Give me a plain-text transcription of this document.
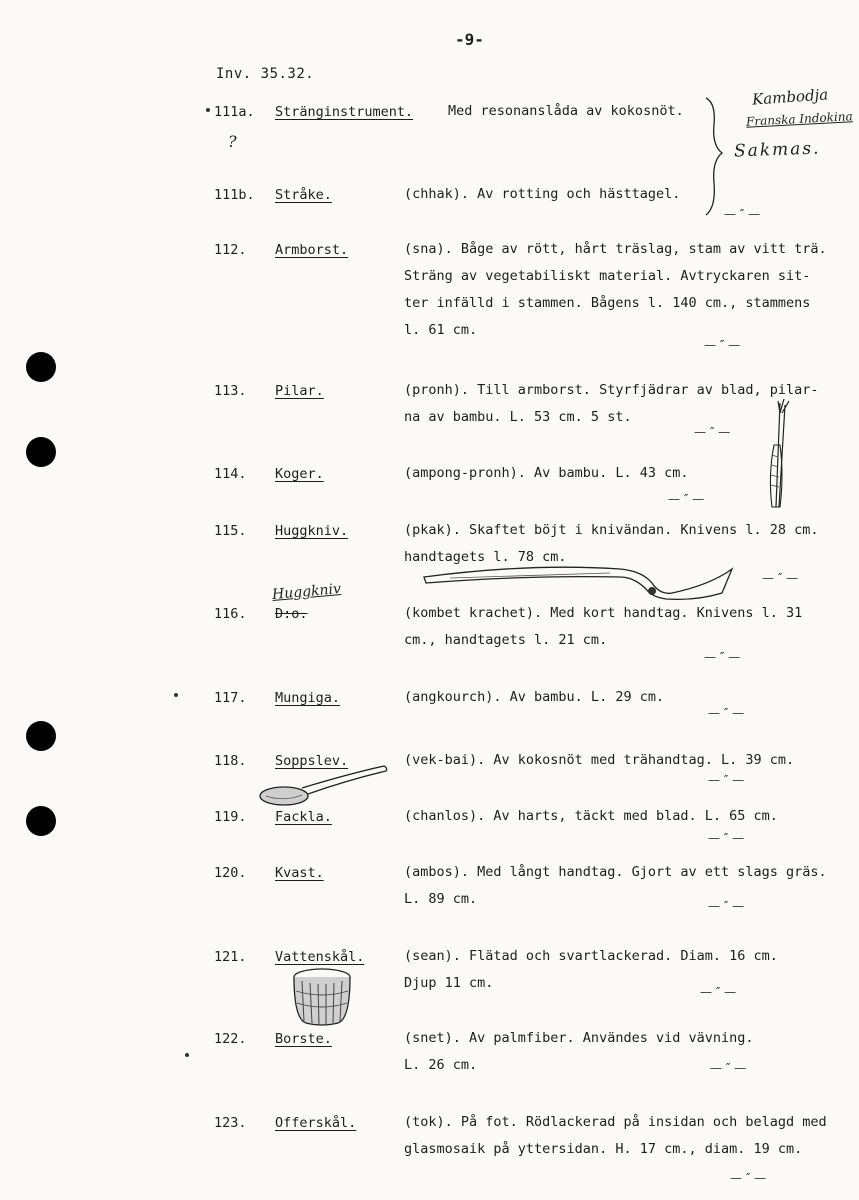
-9-
Inv. 35.32.
Kambodja
Franska Indokina
Sakmas.
?
Huggkniv
111a. Stränginstrument.	Med resonanslåda av kokosnöt.
111b. Stråke.	(chhak). Av rotting och hästtagel.
— ″ —
112. Armborst.	(sna). Båge av rött, hårt träslag, stam av vitt trä.
Sträng av vegetabiliskt material. Avtryckaren sit-
ter infälld i stammen. Bågens l. 140 cm., stammens
l. 61 cm.
— ″ —
113. Pilar.	(pronh). Till armborst. Styrfjädrar av blad, pilar-
na av bambu. L. 53 cm. 5 st.
— ″ —
114. Koger.	(ampong-pronh). Av bambu. L. 43 cm.
— ″ —
115. Huggkniv.	(pkak). Skaftet böjt i knivändan. Knivens l. 28 cm.
handtagets l. 78 cm.
— ″ —
116. D:o.	(kombet krachet). Med kort handtag. Knivens l. 31
cm., handtagets l. 21 cm.
— ″ —
117. Mungiga.	(angkourch). Av bambu. L. 29 cm.
— ″ —
118. Soppslev.	(vek-bai). Av kokosnöt med trähandtag. L. 39 cm.
— ″ —
119. Fackla.	(chanlos). Av harts, täckt med blad. L. 65 cm.
— ″ —
120. Kvast.	(ambos). Med långt handtag. Gjort av ett slags gräs.
L. 89 cm.	— ″ —
121. Vattenskål.	(sean). Flätad och svartlackerad. Diam. 16 cm.
Djup 11 cm.
— ″ —
122. Borste.	(snet). Av palmfiber. Användes vid vävning.
L. 26 cm.	— ″ —
123. Offerskål.	(tok). På fot. Rödlackerad på insidan och belagd med
glasmosaik på yttersidan. H. 17 cm., diam. 19 cm.
— ″ —
